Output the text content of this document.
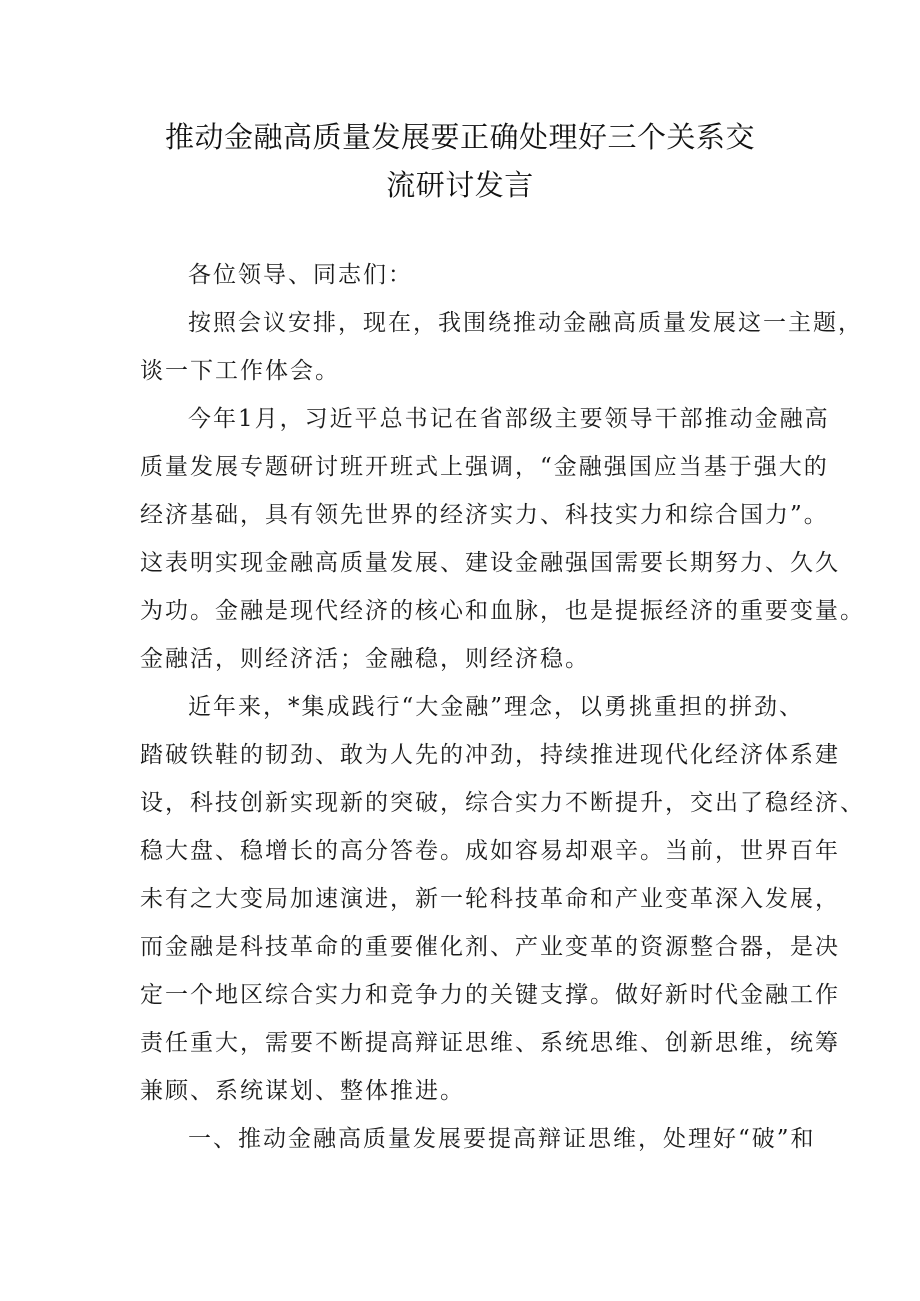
推动金融高质量发展要正确处理好三个关系交
流研讨发言
各位领导、同志们：
按照会议安排，现在，我围绕推动金融高质量发展这一主题，
谈一下工作体会。
今年1月，习近平总书记在省部级主要领导干部推动金融高
质量发展专题研讨班开班式上强调，“金融强国应当基于强大的
经济基础，具有领先世界的经济实力、科技实力和综合国力”。
这表明实现金融高质量发展、建设金融强国需要长期努力、久久
为功。金融是现代经济的核心和血脉，也是提振经济的重要变量。
金融活，则经济活；金融稳，则经济稳。
近年来，*集成践行“大金融”理念，以勇挑重担的拼劲、
踏破铁鞋的韧劲、敢为人先的冲劲，持续推进现代化经济体系建
设，科技创新实现新的突破，综合实力不断提升，交出了稳经济、
稳大盘、稳增长的高分答卷。成如容易却艰辛。当前，世界百年
未有之大变局加速演进，新一轮科技革命和产业变革深入发展，
而金融是科技革命的重要催化剂、产业变革的资源整合器，是决
定一个地区综合实力和竞争力的关键支撑。做好新时代金融工作
责任重大，需要不断提高辩证思维、系统思维、创新思维，统筹
兼顾、系统谋划、整体推进。
一、推动金融高质量发展要提高辩证思维，处理好“破”和
